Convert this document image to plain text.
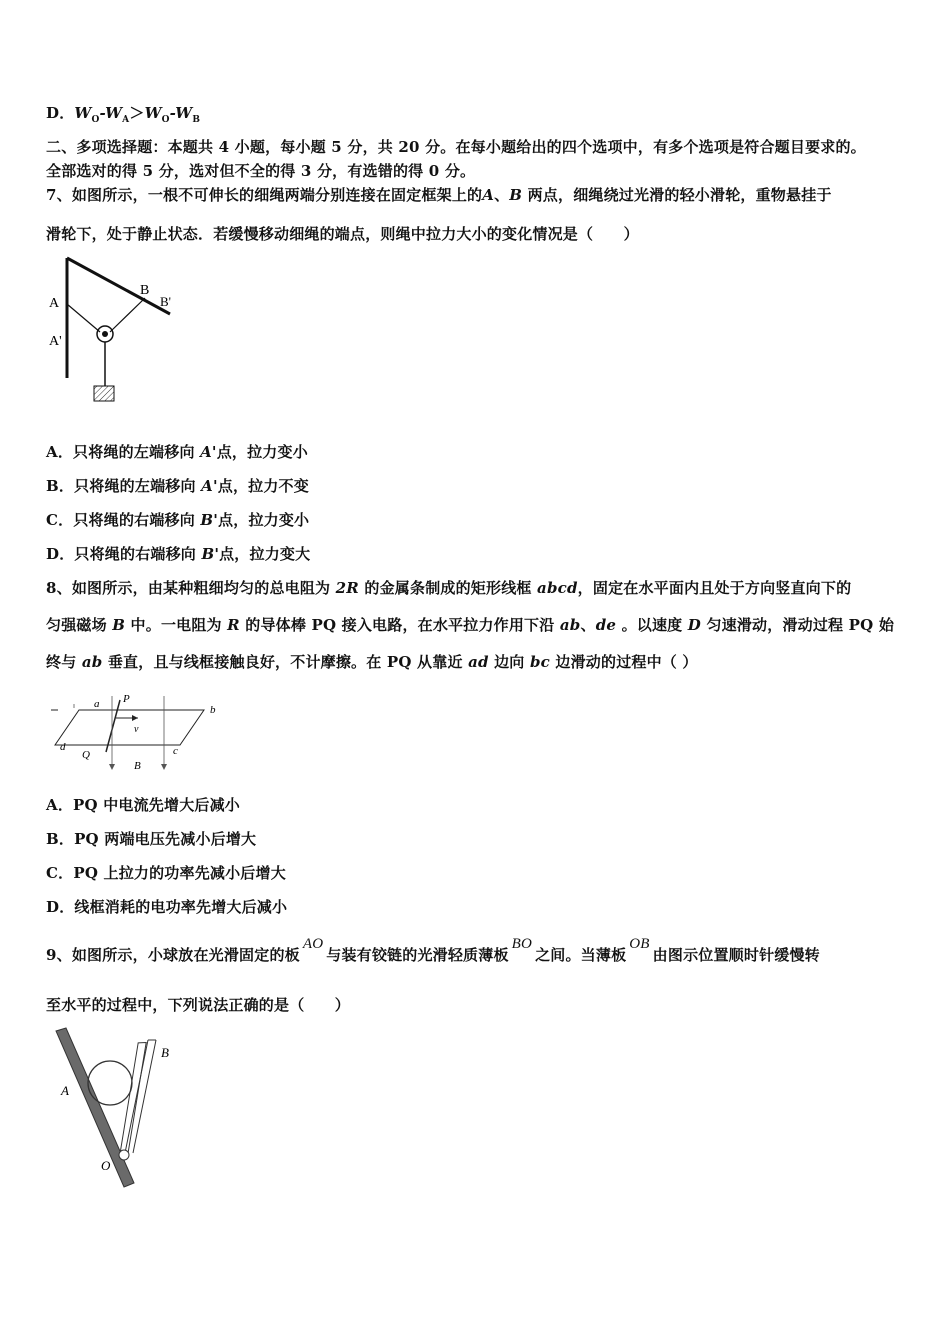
D．$W_O-W_A>W_O-W_B$
二、多项选择题：本题共 4 小题，每小题 5 分，共 20 分。在每小题给出的四个选项中，有多个选项是符合题目要求的。
全部选对的得 5 分，选对但不全的得 3 分，有选错的得 0 分。
7、如图所示，一根不可伸长的细绳两端分别连接在固定框架上的A、B 两点，细绳绕过光滑的轻小滑轮，重物悬挂于
滑轮下，处于静止状态．若缓慢移动细绳的端点，则绳中拉力大小的变化情况是（　　）
A
A'
B
B'
A．只将绳的左端移向 A'点，拉力变小
B．只将绳的左端移向 A'点，拉力不变
C．只将绳的右端移向 B'点，拉力变小
D．只将绳的右端移向 B'点，拉力变大
8、如图所示，由某种粗细均匀的总电阻为 2R 的金属条制成的矩形线框 abcd，固定在水平面内且处于方向竖直向下的
匀强磁场 B 中。一电阻为 R 的导体棒 PQ 接入电路，在水平拉力作用下沿 ab、de 。以速度 D 匀速滑动，滑动过程 PQ 始
终与 ab 垂直，且与线框接触良好，不计摩擦。在 PQ 从靠近 ad 边向 bc 边滑动的过程中（ ）
a P
b
v
d
Q	c
B
A．PQ 中电流先增大后减小
B．PQ 两端电压先减小后增大
C．PQ 上拉力的功率先减小后增大
D．线框消耗的电功率先增大后减小
9、如图所示，小球放在光滑固定的板AO与装有铰链的光滑轻质薄板BO之间。当薄板OB由图示位置顺时针缓慢转
至水平的过程中，下列说法正确的是（　　）
A
B
O
